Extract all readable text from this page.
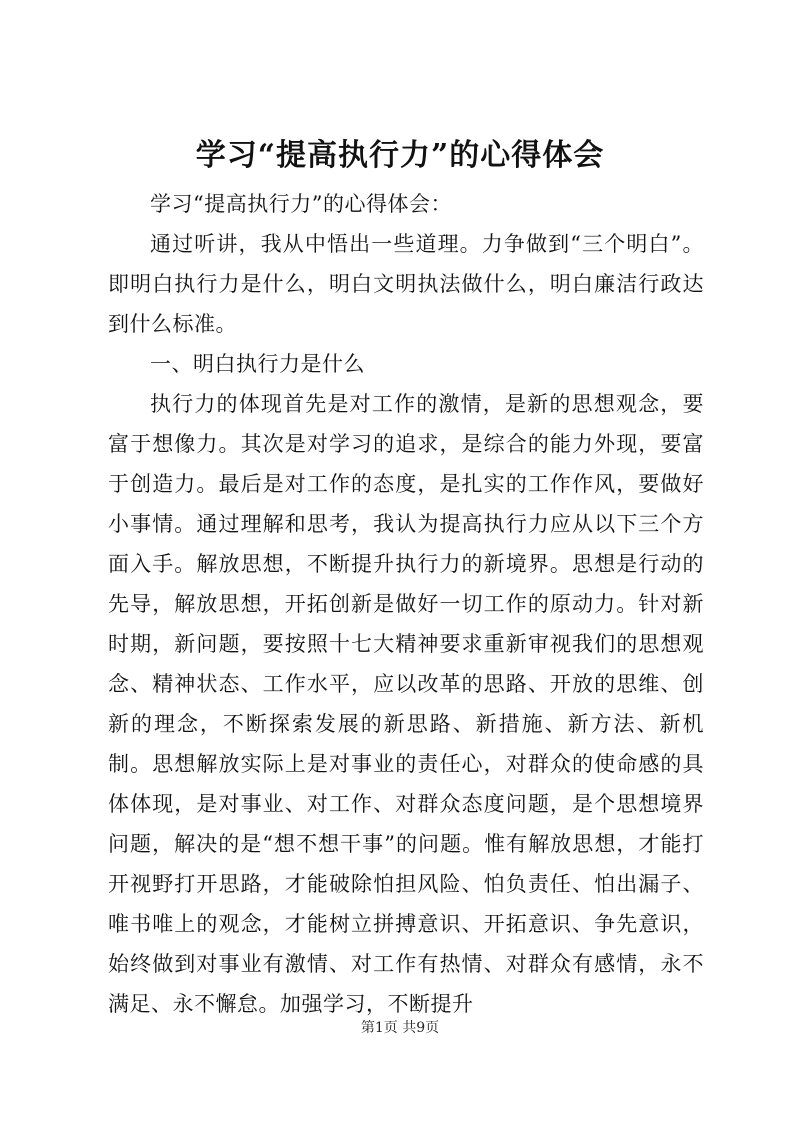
学习“提高执行力”的心得体会

学习“提高执行力”的心得体会：

通过听讲，我从中悟出一些道理。力争做到“三个明白”。即明白执行力是什么，明白文明执法做什么，明白廉洁行政达到什么标准。

一、明白执行力是什么

执行力的体现首先是对工作的激情，是新的思想观念，要富于想像力。其次是对学习的追求，是综合的能力外现，要富于创造力。最后是对工作的态度，是扎实的工作作风，要做好小事情。通过理解和思考，我认为提高执行力应从以下三个方面入手。解放思想，不断提升执行力的新境界。思想是行动的先导，解放思想，开拓创新是做好一切工作的原动力。针对新时期，新问题，要按照十七大精神要求重新审视我们的思想观念、精神状态、工作水平，应以改革的思路、开放的思维、创新的理念，不断探索发展的新思路、新措施、新方法、新机制。思想解放实际上是对事业的责任心，对群众的使命感的具体体现，是对事业、对工作、对群众态度问题，是个思想境界问题，解决的是“想不想干事”的问题。惟有解放思想，才能打开视野打开思路，才能破除怕担风险、怕负责任、怕出漏子、唯书唯上的观念，才能树立拼搏意识、开拓意识、争先意识，始终做到对事业有激情、对工作有热情、对群众有感情，永不满足、永不懈怠。加强学习，不断提升

第1页 共9页
